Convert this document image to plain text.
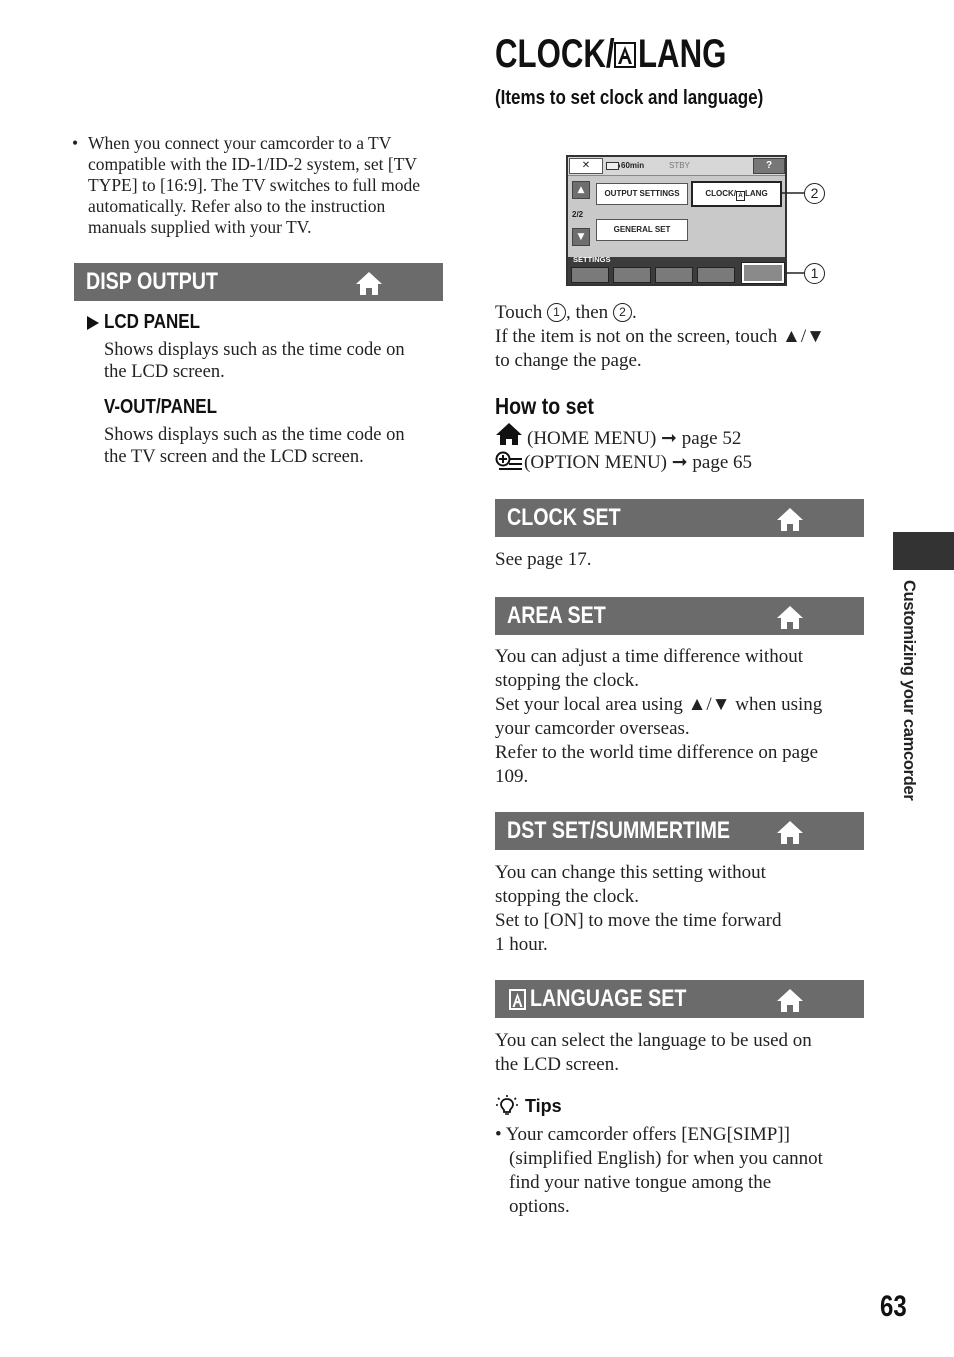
CLOCK/ LANG
(Items to set clock and language)
• When you connect your camcorder to a TV
compatible with the ID-1/ID-2 system, set [TV
TYPE] to [16:9]. The TV switches to full mode
automatically. Refer also to the instruction
manuals supplied with your TV.
DISP OUTPUT
LCD PANEL
Shows displays such as the time code on
the LCD screen.
V-OUT/PANEL
Shows displays such as the time code on
the TV screen and the LCD screen.
✕	60min	STBY	?
▲
2/2
▼
OUTPUT SETTINGS	CLOCK/ A LANG
GENERAL SET
SETTINGS
2
1
Touch 1 , then 2 .
If the item is not on the screen, touch ▲/▼
to change the page.
How to set
(HOME MENU) ➞ page 52
(OPTION MENU) ➞ page 65
CLOCK SET
See page 17.
AREA SET
You can adjust a time difference without
stopping the clock.
Set your local area using ▲/▼ when using
your camcorder overseas.
Refer to the world time difference on page
109.
DST SET/SUMMERTIME
You can change this setting without
stopping the clock.
Set to [ON] to move the time forward
1 hour.
LANGUAGE SET
You can select the language to be used on
the LCD screen.
Tips
• Your camcorder offers [ENG[SIMP]]
(simplified English) for when you cannot
find your native tongue among the
options.
Customizing your camcorder
63
